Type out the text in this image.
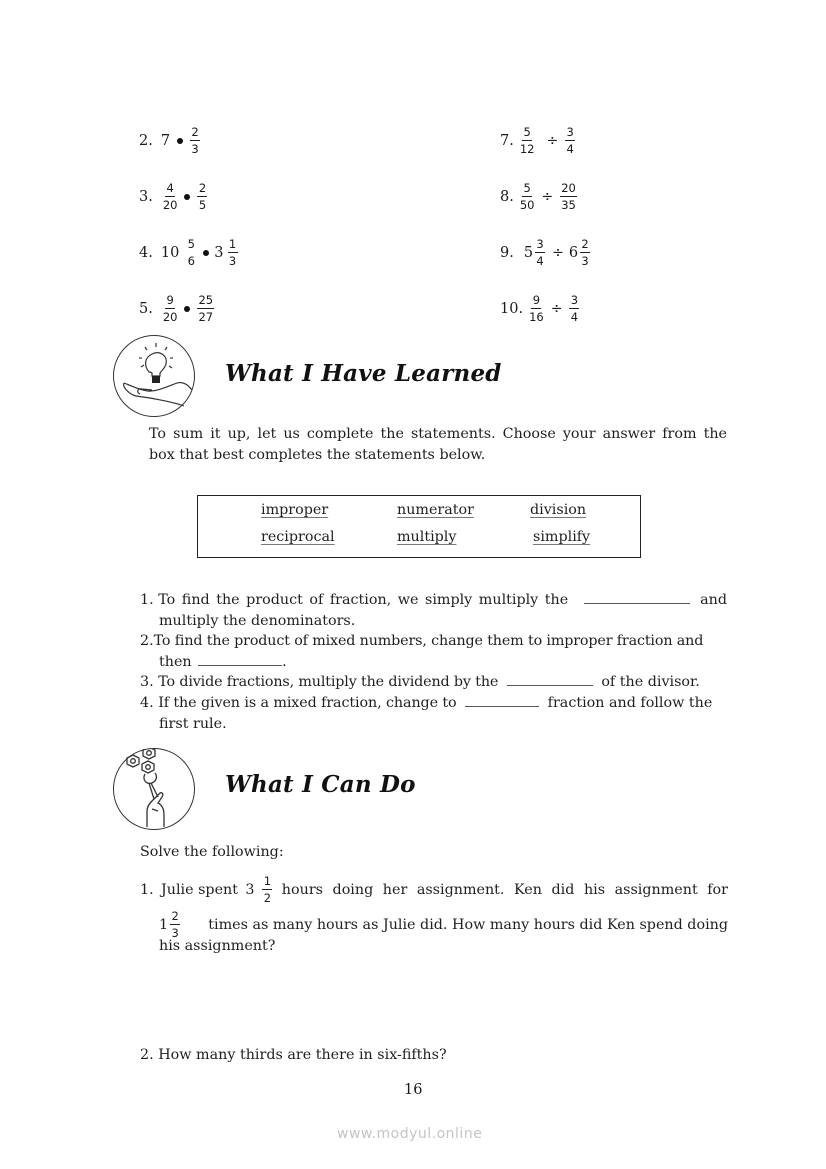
2. $7 \frac{2}{3}$
3. $\frac{4}{20} \frac{2}{5}$
4. 10
5
6 $3 \frac{1}{3}$
5. $\frac{9}{20} \frac{25}{27}$
7. $\frac{5}{12} \div \frac{3}{4}$
8. $\frac{5}{50} \div \frac{20}{35}$
9. $5 \frac{3}{4} \div 6 \frac{2}{3}$
10. $\frac{9}{16} \div \frac{3}{4}$
What I Have Learned
To sum it up, let us complete the statements. Choose your answer from the
box that best completes the statements below.
improper	numerator	division
reciprocal	multiply	simplify
1. To find the product of fraction, we simply multiply the	and
multiply the denominators.
2.To find the product of mixed numbers, change them to improper fraction and
then	.
3. To divide fractions, multiply the dividend by the	of the divisor.
4. If the given is a mixed fraction, change to	fraction and follow the
first rule.
What I Can Do
Solve the following:
1. Julie spent $3 \frac{1}{2}$ hours doing her assignment. Ken did his assignment for
$1 \frac{2}{3}$ times as many hours as Julie did. How many hours did Ken spend doing
his assignment?
2. How many thirds are there in six-fifths?
16
www.modyul.online
